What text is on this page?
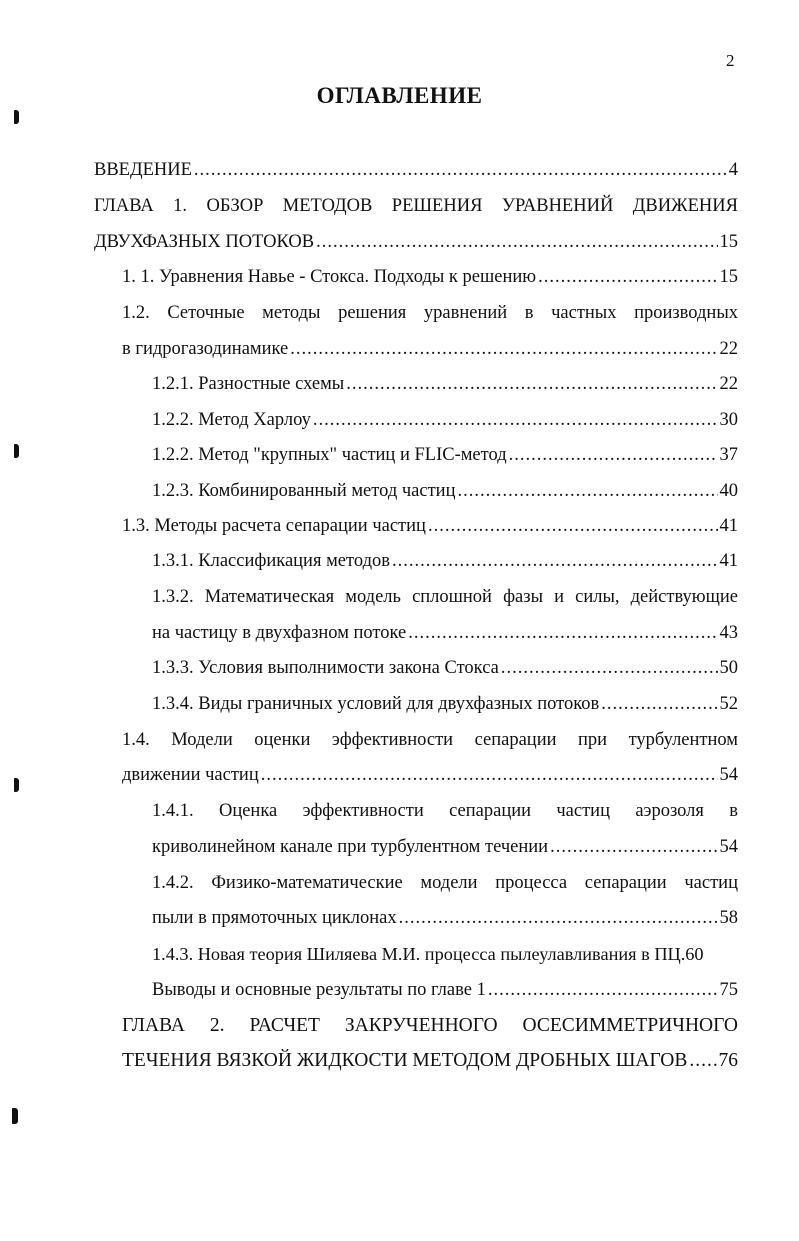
2
ОГЛАВЛЕНИЕ
ВВЕДЕНИЕ .....	4
ГЛАВА 1. ОБЗОР МЕТОДОВ РЕШЕНИЯ УРАВНЕНИЙ ДВИЖЕНИЯ
ДВУХФАЗНЫХ ПОТОКОВ .....	15
1. 1. Уравнения Навье - Стокса. Подходы к решению .....	15
1.2. Сеточные методы решения уравнений в частных производных
в гидрогазодинамике .....	22
1.2.1. Разностные схемы .....	22
1.2.2. Метод Харлоу .....	30
1.2.2. Метод "крупных" частиц и FLIC-метод .....	37
1.2.3. Комбинированный метод частиц .....	40
1.3. Методы расчета сепарации частиц .....	41
1.3.1. Классификация методов .....	41
1.3.2. Математическая модель сплошной фазы и силы, действующие
на частицу в двухфазном потоке .....	43
1.3.3. Условия выполнимости закона Стокса .....	50
1.3.4. Виды граничных условий для двухфазных потоков .....	52
1.4. Модели оценки эффективности сепарации при турбулентном
движении частиц .....	54
1.4.1. Оценка эффективности сепарации частиц аэрозоля в
криволинейном канале при турбулентном течении .....	54
1.4.2. Физико-математические модели процесса сепарации частиц
пыли в прямоточных циклонах .....	58
1.4.3. Новая теория Шиляева М.И. процесса пылеулавливания в ПЦ.60
Выводы и основные результаты по главе 1 .....	75
ГЛАВА 2. РАСЧЕТ ЗАКРУЧЕННОГО ОСЕСИММЕТРИЧНОГО
ТЕЧЕНИЯ ВЯЗКОЙ ЖИДКОСТИ МЕТОДОМ ДРОБНЫХ ШАГОВ ..... 76
